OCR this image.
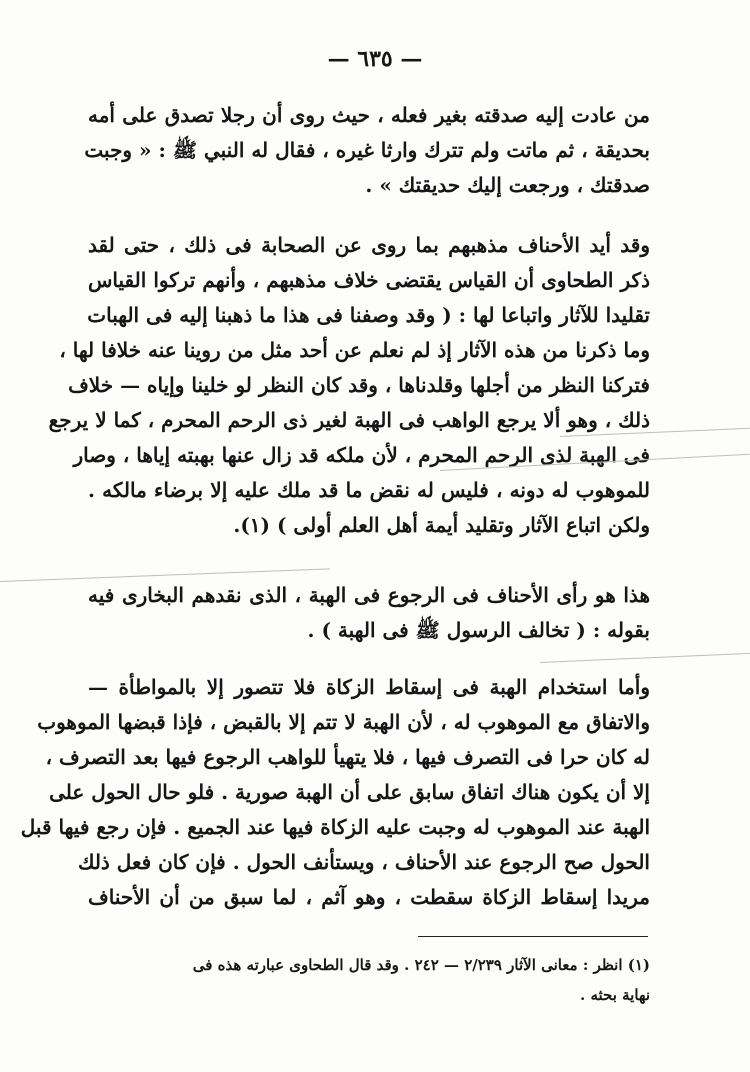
— ٦٣٥ —
من عادت إليه صدقته بغير فعله ، حيث روى أن رجلا تصدق على أمه
بحديقة ، ثم ماتت ولم تترك وارثا غيره ، فقال له النبي ﷺ : « وجبت
صدقتك ، ورجعت إليك حديقتك » .
وقد أيد الأحناف مذهبهم بما روى عن الصحابة فى ذلك ، حتى لقد
ذكر الطحاوى أن القياس يقتضى خلاف مذهبهم ، وأنهم تركوا القياس
تقليدا للآثار واتباعا لها : ( وقد وصفنا فى هذا ما ذهبنا إليه فى الهبات
وما ذكرنا من هذه الآثار إذ لم نعلم عن أحد مثل من روينا عنه خلافا لها ،
فتركنا النظر من أجلها وقلدناها ، وقد كان النظر لو خلينا وإياه — خلاف
ذلك ، وهو ألا يرجع الواهب فى الهبة لغير ذى الرحم المحرم ، كما لا يرجع
فى الهبة لذى الرحم المحرم ، لأن ملكه قد زال عنها بهبته إياها ، وصار
للموهوب له دونه ، فليس له نقض ما قد ملك عليه إلا برضاء مالكه .
ولكن اتباع الآثار وتقليد أيمة أهل العلم أولى ) (١).
هذا هو رأى الأحناف فى الرجوع فى الهبة ، الذى نقدهم البخارى فيه
بقوله : ( تخالف الرسول ﷺ فى الهبة ) .
وأما استخدام الهبة فى إسقاط الزكاة فلا تتصور إلا بالمواطأة —
والاتفاق مع الموهوب له ، لأن الهبة لا تتم إلا بالقبض ، فإذا قبضها الموهوب
له كان حرا فى التصرف فيها ، فلا يتهيأ للواهب الرجوع فيها بعد التصرف ،
إلا أن يكون هناك اتفاق سابق على أن الهبة صورية . فلو حال الحول على
الهبة عند الموهوب له وجبت عليه الزكاة فيها عند الجميع . فإن رجع فيها قبل
الحول صح الرجوع عند الأحناف ، ويستأنف الحول . فإن كان فعل ذلك
مريدا إسقاط الزكاة سقطت ، وهو آثم ، لما سبق من أن الأحناف
(١) انظر : معانى الآثار ٢/٢٣٩ — ٢٤٢ . وقد قال الطحاوى عبارته هذه فى
نهاية بحثه .
